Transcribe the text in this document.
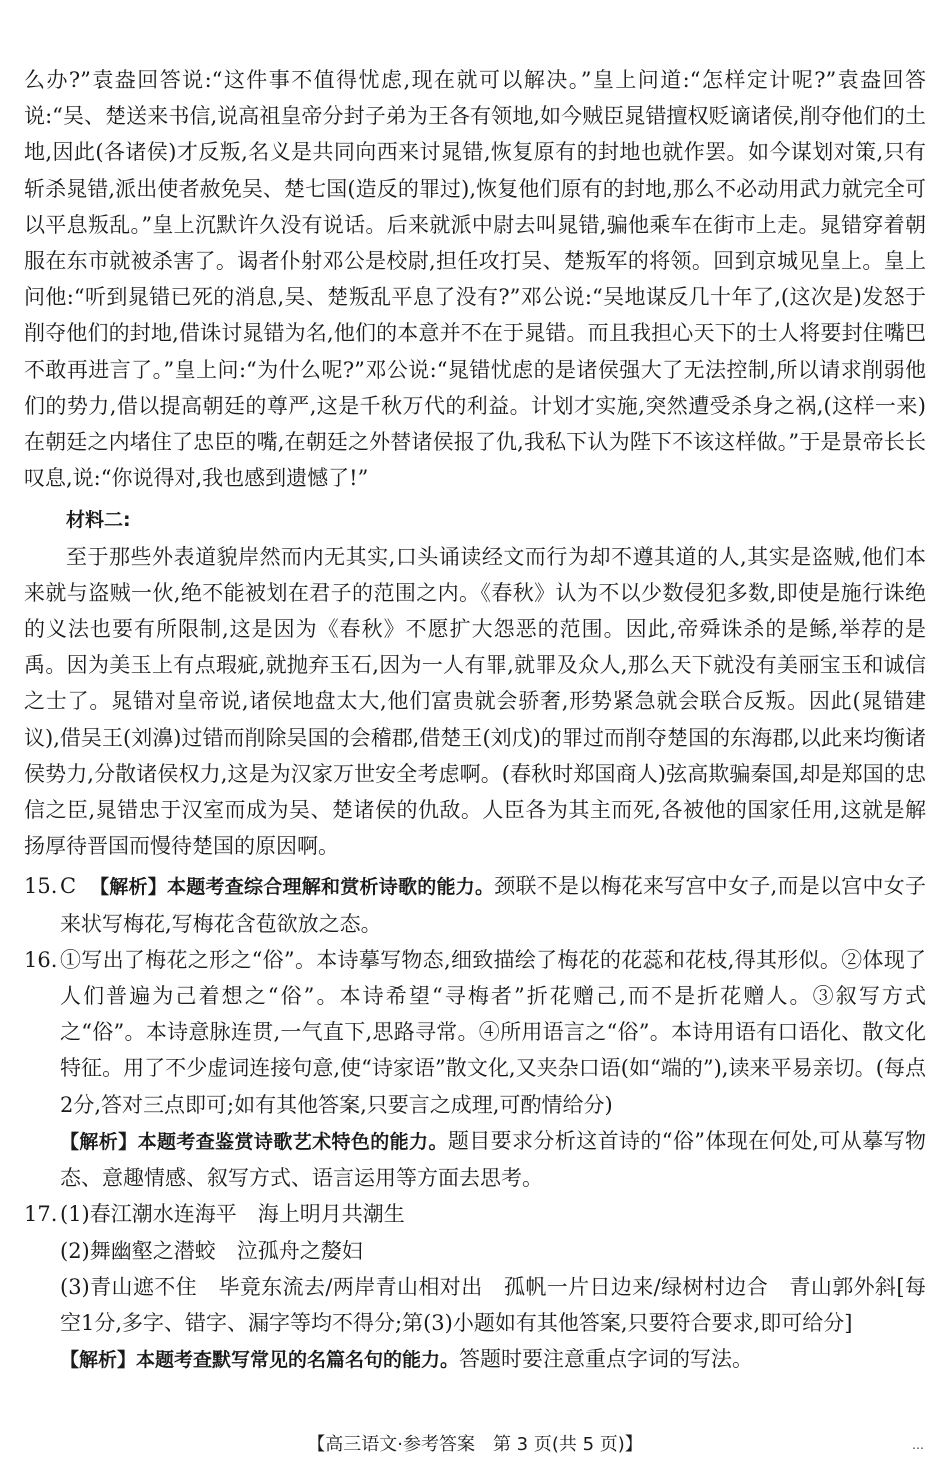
么办?”袁盎回答说:“这件事不值得忧虑,现在就可以解决。”皇上问道:“怎样定计呢?”袁盎回答说:“吴、楚送来书信,说高祖皇帝分封子弟为王各有领地,如今贼臣晁错擅权贬谪诸侯,削夺他们的土地,因此(各诸侯)才反叛,名义是共同向西来讨晁错,恢复原有的封地也就作罢。如今谋划对策,只有斩杀晁错,派出使者赦免吴、楚七国(造反的罪过),恢复他们原有的封地,那么不必动用武力就完全可以平息叛乱。”皇上沉默许久没有说话。后来就派中尉去叫晁错,骗他乘车在街市上走。晁错穿着朝服在东市就被杀害了。谒者仆射邓公是校尉,担任攻打吴、楚叛军的将领。回到京城见皇上。皇上问他:“听到晁错已死的消息,吴、楚叛乱平息了没有?”邓公说:“吴地谋反几十年了,(这次是)发怒于削夺他们的封地,借诛讨晁错为名,他们的本意并不在于晁错。而且我担心天下的士人将要封住嘴巴不敢再进言了。”皇上问:“为什么呢?”邓公说:“晁错忧虑的是诸侯强大了无法控制,所以请求削弱他们的势力,借以提高朝廷的尊严,这是千秋万代的利益。计划才实施,突然遭受杀身之祸,(这样一来)在朝廷之内堵住了忠臣的嘴,在朝廷之外替诸侯报了仇,我私下认为陛下不该这样做。”于是景帝长长叹息,说:“你说得对,我也感到遗憾了!”

材料二:

至于那些外表道貌岸然而内无其实,口头诵读经文而行为却不遵其道的人,其实是盗贼,他们本来就与盗贼一伙,绝不能被划在君子的范围之内。《春秋》认为不以少数侵犯多数,即使是施行诛绝的义法也要有所限制,这是因为《春秋》不愿扩大怨恶的范围。因此,帝舜诛杀的是鲧,举荐的是禹。因为美玉上有点瑕疵,就抛弃玉石,因为一人有罪,就罪及众人,那么天下就没有美丽宝玉和诚信之士了。晁错对皇帝说,诸侯地盘太大,他们富贵就会骄奢,形势紧急就会联合反叛。因此(晁错建议),借吴王(刘濞)过错而削除吴国的会稽郡,借楚王(刘戊)的罪过而削夺楚国的东海郡,以此来均衡诸侯势力,分散诸侯权力,这是为汉家万世安全考虑啊。(春秋时郑国商人)弦高欺骗秦国,却是郑国的忠信之臣,晁错忠于汉室而成为吴、楚诸侯的仇敌。人臣各为其主而死,各被他的国家任用,这就是解扬厚待晋国而慢待楚国的原因啊。

15. C 【解析】本题考查综合理解和赏析诗歌的能力。颈联不是以梅花来写宫中女子,而是以宫中女子来状写梅花,写梅花含苞欲放之态。

16. ①写出了梅花之形之“俗”。本诗摹写物态,细致描绘了梅花的花蕊和花枝,得其形似。②体现了人们普遍为己着想之“俗”。本诗希望“寻梅者”折花赠己,而不是折花赠人。③叙写方式之“俗”。本诗意脉连贯,一气直下,思路寻常。④所用语言之“俗”。本诗用语有口语化、散文化特征。用了不少虚词连接句意,使“诗家语”散文化,又夹杂口语(如“端的”),读来平易亲切。(每点2分,答对三点即可;如有其他答案,只要言之成理,可酌情给分)

【解析】本题考查鉴赏诗歌艺术特色的能力。题目要求分析这首诗的“俗”体现在何处,可从摹写物态、意趣情感、叙写方式、语言运用等方面去思考。

17. (1)春江潮水连海平　海上明月共潮生

(2)舞幽壑之潜蛟　泣孤舟之嫠妇

(3)青山遮不住　毕竟东流去/两岸青山相对出　孤帆一片日边来/绿树村边合　青山郭外斜[每空1分,多字、错字、漏字等均不得分;第(3)小题如有其他答案,只要符合要求,即可给分]

【解析】本题考查默写常见的名篇名句的能力。答题时要注意重点字词的写法。

【高三语文·参考答案　第 3 页(共 5 页)】	…
